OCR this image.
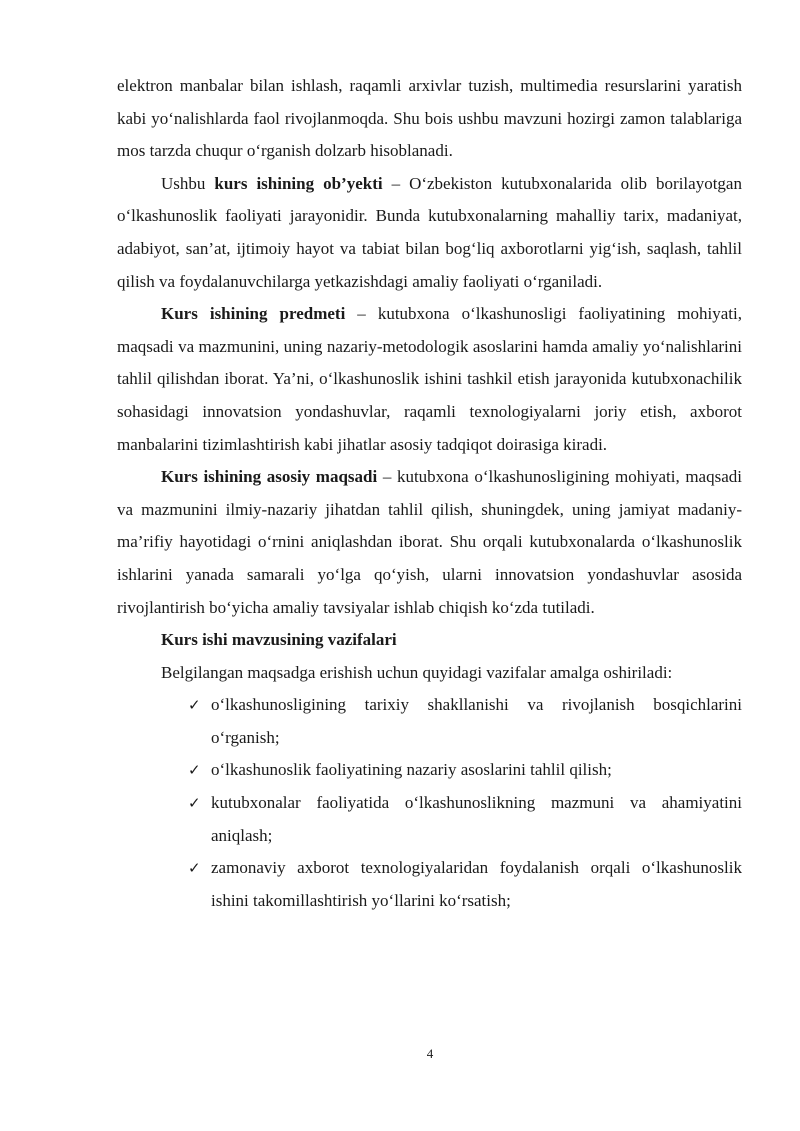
elektron manbalar bilan ishlash, raqamli arxivlar tuzish, multimedia resurslarini yaratish kabi yo‘nalishlarda faol rivojlanmoqda. Shu bois ushbu mavzuni hozirgi zamon talablariga mos tarzda chuqur o‘rganish dolzarb hisoblanadi.

Ushbu kurs ishining ob’yekti – O‘zbekiston kutubxonalarida olib borilayotgan o‘lkashunoslik faoliyati jarayonidir. Bunda kutubxonalarning mahalliy tarix, madaniyat, adabiyot, san’at, ijtimoiy hayot va tabiat bilan bog‘liq axborotlarni yig‘ish, saqlash, tahlil qilish va foydalanuvchilarga yetkazishdagi amaliy faoliyati o‘rganiladi.

Kurs ishining predmeti – kutubxona o‘lkashunosligi faoliyatining mohiyati, maqsadi va mazmunini, uning nazariy-metodologik asoslarini hamda amaliy yo‘nalishlarini tahlil qilishdan iborat. Ya’ni, o‘lkashunoslik ishini tashkil etish jarayonida kutubxonachilik sohasidagi innovatsion yondashuvlar, raqamli texnologiyalarni joriy etish, axborot manbalarini tizimlashtirish kabi jihatlar asosiy tadqiqot doirasiga kiradi.

Kurs ishining asosiy maqsadi – kutubxona o‘lkashunosligining mohiyati, maqsadi va mazmunini ilmiy-nazariy jihatdan tahlil qilish, shuningdek, uning jamiyat madaniy-ma’rifiy hayotidagi o‘rnini aniqlashdan iborat. Shu orqali kutubxonalarda o‘lkashunoslik ishlarini yanada samarali yo‘lga qo‘yish, ularni innovatsion yondashuvlar asosida rivojlantirish bo‘yicha amaliy tavsiyalar ishlab chiqish ko‘zda tutiladi.

Kurs ishi mavzusining vazifalari

Belgilangan maqsadga erishish uchun quyidagi vazifalar amalga oshiriladi:

✓ o‘lkashunosligining tarixiy shakllanishi va rivojlanish bosqichlarini o‘rganish;
✓ o‘lkashunoslik faoliyatining nazariy asoslarini tahlil qilish;
✓ kutubxonalar faoliyatida o‘lkashunoslikning mazmuni va ahamiyatini aniqlash;
✓ zamonaviy axborot texnologiyalaridan foydalanish orqali o‘lkashunoslik ishini takomillashtirish yo‘llarini ko‘rsatish;
4
